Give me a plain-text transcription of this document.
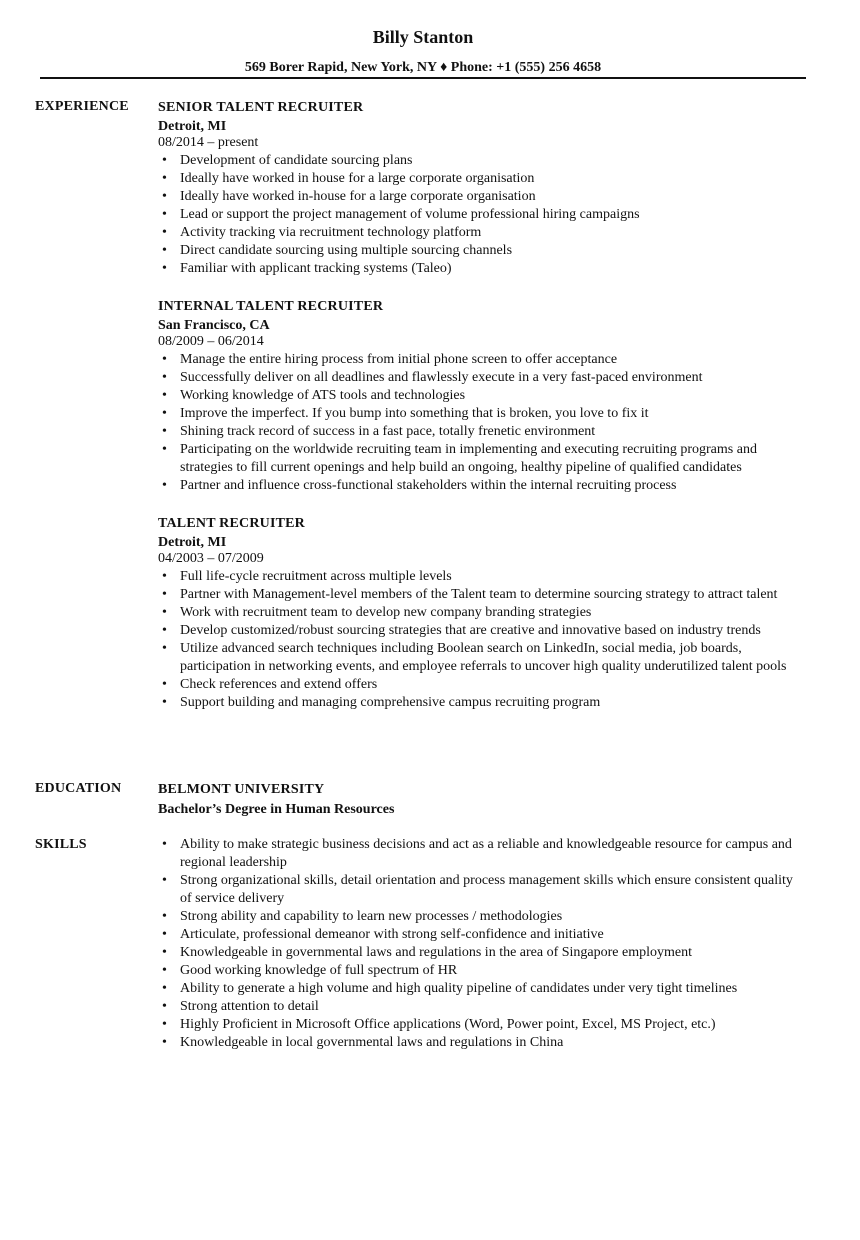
Billy Stanton
569 Borer Rapid, New York, NY ♦ Phone: +1 (555) 256 4658
EXPERIENCE SENIOR TALENT RECRUITER
Detroit, MI
08/2014 – present
• Development of candidate sourcing plans
• Ideally have worked in house for a large corporate organisation
• Ideally have worked in-house for a large corporate organisation
• Lead or support the project management of volume professional hiring campaigns
• Activity tracking via recruitment technology platform
• Direct candidate sourcing using multiple sourcing channels
• Familiar with applicant tracking systems (Taleo)
INTERNAL TALENT RECRUITER
San Francisco, CA
08/2009 – 06/2014
• Manage the entire hiring process from initial phone screen to offer acceptance
• Successfully deliver on all deadlines and flawlessly execute in a very fast-paced environment
• Working knowledge of ATS tools and technologies
• Improve the imperfect. If you bump into something that is broken, you love to fix it
• Shining track record of success in a fast pace, totally frenetic environment
• Participating on the worldwide recruiting team in implementing and executing recruiting programs and strategies to fill current openings and help build an ongoing, healthy pipeline of qualified candidates
• Partner and influence cross-functional stakeholders within the internal recruiting process
TALENT RECRUITER
Detroit, MI
04/2003 – 07/2009
• Full life-cycle recruitment across multiple levels
• Partner with Management-level members of the Talent team to determine sourcing strategy to attract talent
• Work with recruitment team to develop new company branding strategies
• Develop customized/robust sourcing strategies that are creative and innovative based on industry trends
• Utilize advanced search techniques including Boolean search on LinkedIn, social media, job boards, participation in networking events, and employee referrals to uncover high quality underutilized talent pools
• Check references and extend offers
• Support building and managing comprehensive campus recruiting program
EDUCATION	BELMONT UNIVERSITY
Bachelor’s Degree in Human Resources
SKILLS
•	Ability to make strategic business decisions and act as a reliable and knowledgeable resource for campus and regional leadership
• Strong organizational skills, detail orientation and process management skills which ensure consistent quality of service delivery
• Strong ability and capability to learn new processes / methodologies
• Articulate, professional demeanor with strong self-confidence and initiative
• Knowledgeable in governmental laws and regulations in the area of Singapore employment
• Good working knowledge of full spectrum of HR
• Ability to generate a high volume and high quality pipeline of candidates under very tight timelines
• Strong attention to detail
• Highly Proficient in Microsoft Office applications (Word, Power point, Excel, MS Project, etc.)
• Knowledgeable in local governmental laws and regulations in China
